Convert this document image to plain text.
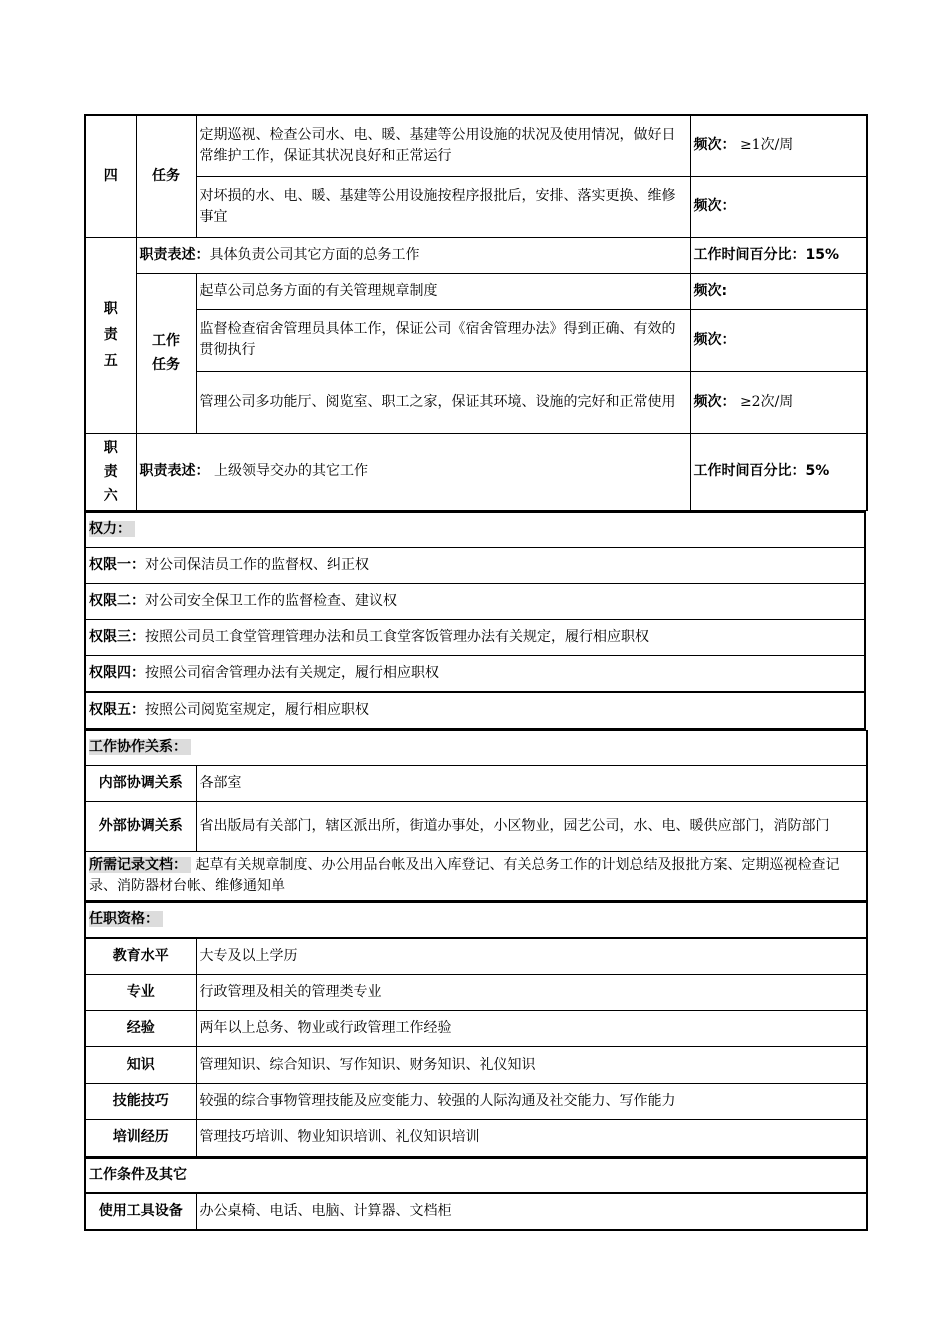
四	任务	定期巡视、检查公司水、电、暖、基建等公用设施的状况及使用情况，做好日常维护工作，保证其状况良好和正常运行	频次： ≥1次/周
		对坏损的水、电、暖、基建等公用设施按程序报批后，安排、落实更换、维修事宜	频次：
职责五	职责表述：具体负责公司其它方面的总务工作		工作时间百分比：15%
	工作任务	起草公司总务方面的有关管理规章制度	频次:
		监督检查宿舍管理员具体工作，保证公司《宿舍管理办法》得到正确、有效的贯彻执行	频次：
		管理公司多功能厅、阅览室、职工之家，保证其环境、设施的完好和正常使用	频次： ≥2次/周
职责六	职责表述： 上级领导交办的其它工作		工作时间百分比：5%
权力：
权限一：对公司保洁员工作的监督权、纠正权
权限二：对公司安全保卫工作的监督检查、建议权
权限三：按照公司员工食堂管理管理办法和员工食堂客饭管理办法有关规定，履行相应职权
权限四：按照公司宿舍管理办法有关规定，履行相应职权
权限五：按照公司阅览室规定，履行相应职权
工作协作关系：	
内部协调关系	各部室
外部协调关系	省出版局有关部门，辖区派出所，街道办事处，小区物业，园艺公司，水、电、暖供应部门，消防部门
所需记录文档： 起草有关规章制度、办公用品台帐及出入库登记、有关总务工作的计划总结及报批方案、定期巡视检查记录、消防器材台帐、维修通知单	
任职资格：	
教育水平	大专及以上学历
专业	行政管理及相关的管理类专业
经验	两年以上总务、物业或行政管理工作经验
知识	管理知识、综合知识、写作知识、财务知识、礼仪知识
技能技巧	较强的综合事物管理技能及应变能力、较强的人际沟通及社交能力、写作能力
培训经历	管理技巧培训、物业知识培训、礼仪知识培训
工作条件及其它
使用工具设备	办公桌椅、电话、电脑、计算器、文档柜
